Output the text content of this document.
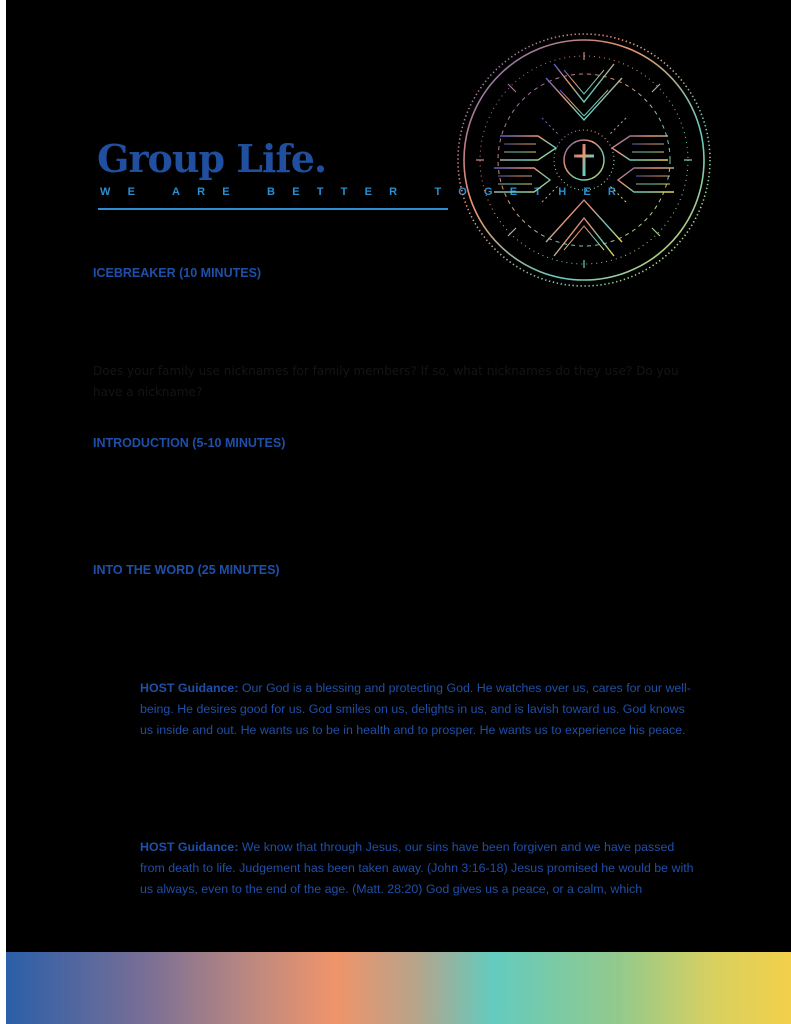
Group Life.
WE ARE BETTER TOGETHER
ICEBREAKER (10 MINUTES)

Does your family use nicknames for family members? If so, what nicknames do they use? Do you have a nickname?

INTRODUCTION (5-10 MINUTES)
INTO THE WORD (25 MINUTES)

HOST Guidance: Our God is a blessing and protecting God. He watches over us, cares for our well-being. He desires good for us. God smiles on us, delights in us, and is lavish toward us. God knows us inside and out. He wants us to be in health and to prosper. He wants us to experience his peace.

HOST Guidance: We know that through Jesus, our sins have been forgiven and we have passed from death to life. Judgement has been taken away. (John 3:16-18) Jesus promised he would be with us always, even to the end of the age. (Matt. 28:20) God gives us a peace, or a calm, which
